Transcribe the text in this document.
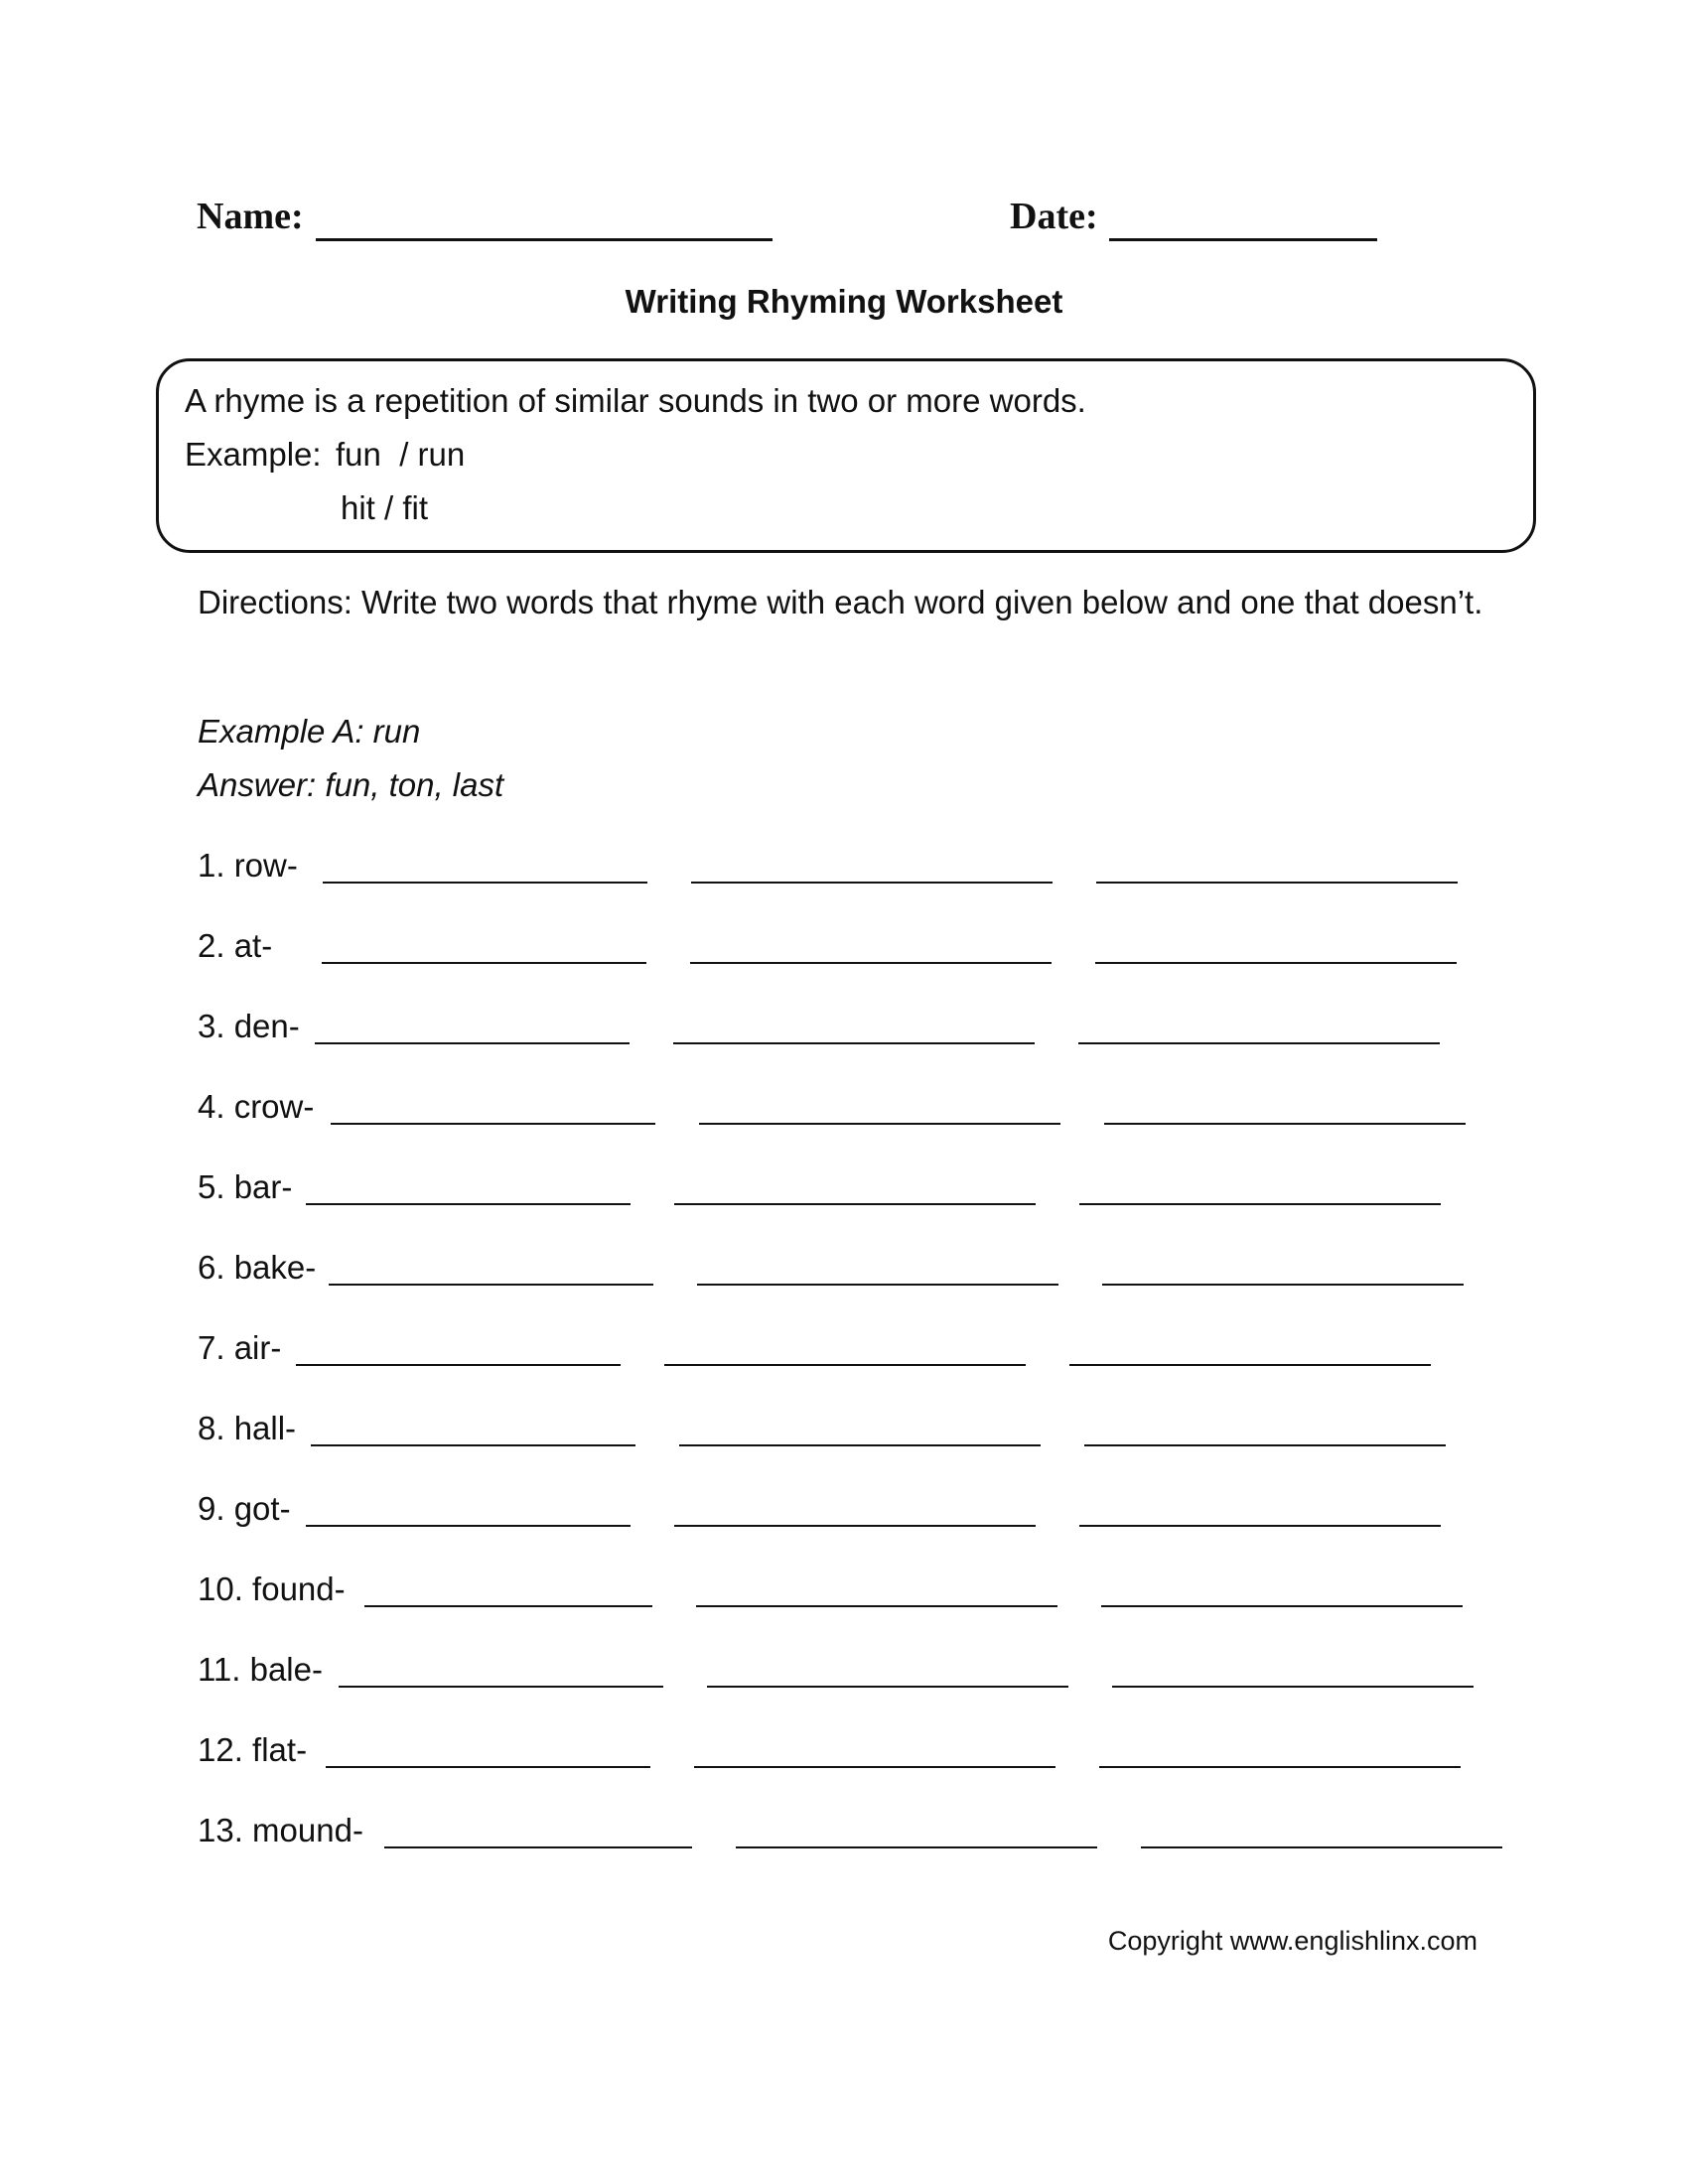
Name:	Date:
Writing Rhyming Worksheet
A rhyme is a repetition of similar sounds in two or more words.
Example: fun  / run
hit / fit
Directions: Write two words that rhyme with each word given below and one that doesn’t.
Example A: run
Answer: fun, ton, last
1. row-
2. at-
3. den-
4. crow-
5. bar-
6. bake-
7. air-
8. hall-
9. got-
10. found-
11. bale-
12. flat-
13. mound-
Copyright www.englishlinx.com
